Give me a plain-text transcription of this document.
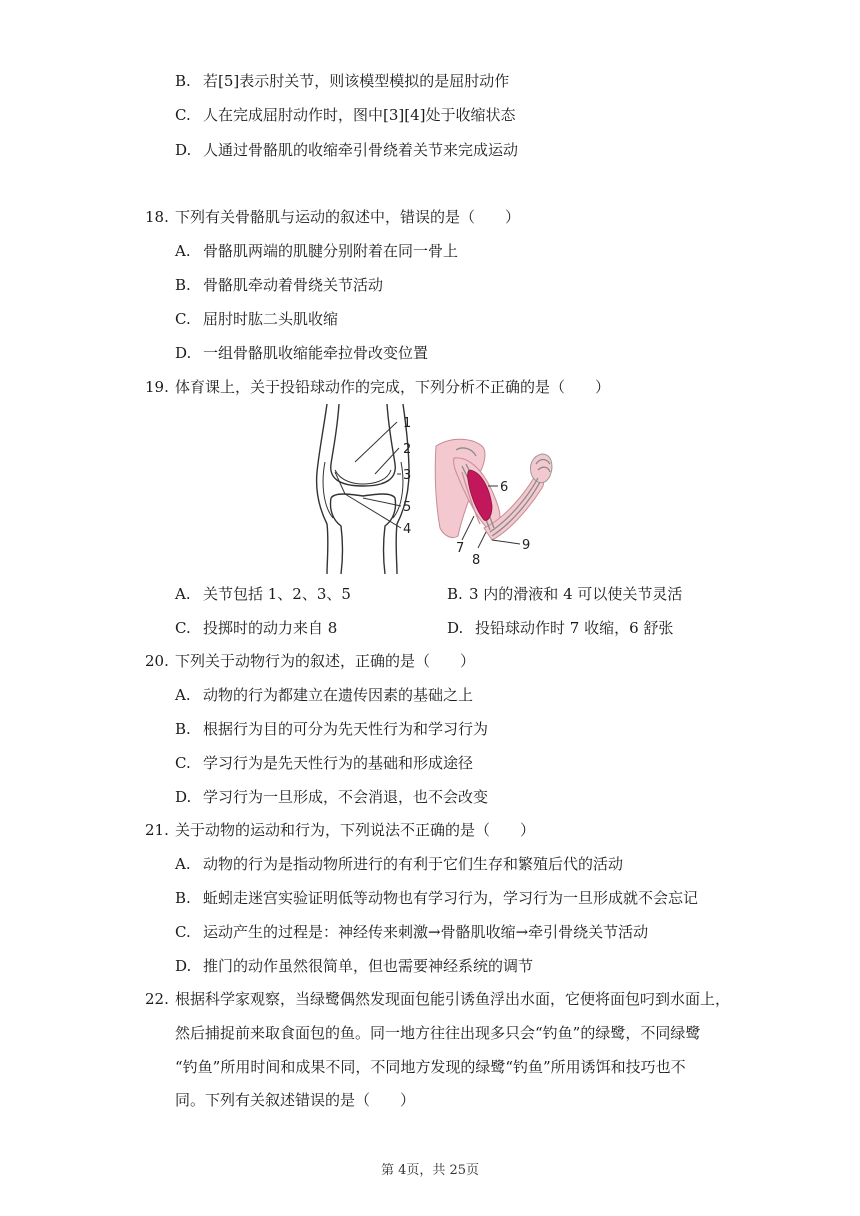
B. 若[5]表示肘关节，则该模型模拟的是屈肘动作
C. 人在完成屈肘动作时，图中[3][4]处于收缩状态
D. 人通过骨骼肌的收缩牵引骨绕着关节来完成运动
18. 下列有关骨骼肌与运动的叙述中，错误的是（　　）
A. 骨骼肌两端的肌腱分别附着在同一骨上
B. 骨骼肌牵动着骨绕关节活动
C. 屈肘时肱二头肌收缩
D. 一组骨骼肌收缩能牵拉骨改变位置
19. 体育课上，关于投铅球动作的完成，下列分析不正确的是（　　）
1
2
3
5
4
6
7
8
9
A. 关节包括 1、2、3、5	B. 3 内的滑液和 4 可以使关节灵活
C. 投掷时的动力来自 8	D. 投铅球动作时 7 收缩，6 舒张
20. 下列关于动物行为的叙述，正确的是（　　）
A. 动物的行为都建立在遗传因素的基础之上
B. 根据行为目的可分为先天性行为和学习行为
C. 学习行为是先天性行为的基础和形成途径
D. 学习行为一旦形成，不会消退，也不会改变
21. 关于动物的运动和行为，下列说法不正确的是（　　）
A. 动物的行为是指动物所进行的有利于它们生存和繁殖后代的活动
B. 蚯蚓走迷宫实验证明低等动物也有学习行为，学习行为一旦形成就不会忘记
C. 运动产生的过程是：神经传来刺激→骨骼肌收缩→牵引骨绕关节活动
D. 推门的动作虽然很简单，但也需要神经系统的调节
22. 根据科学家观察，当绿鹭偶然发现面包能引诱鱼浮出水面，它便将面包叼到水面上，
然后捕捉前来取食面包的鱼。同一地方往往出现多只会“钓鱼”的绿鹭，不同绿鹭
“钓鱼”所用时间和成果不同，不同地方发现的绿鹭“钓鱼”所用诱饵和技巧也不
同。下列有关叙述错误的是（　　）
第 4页，共 25页
